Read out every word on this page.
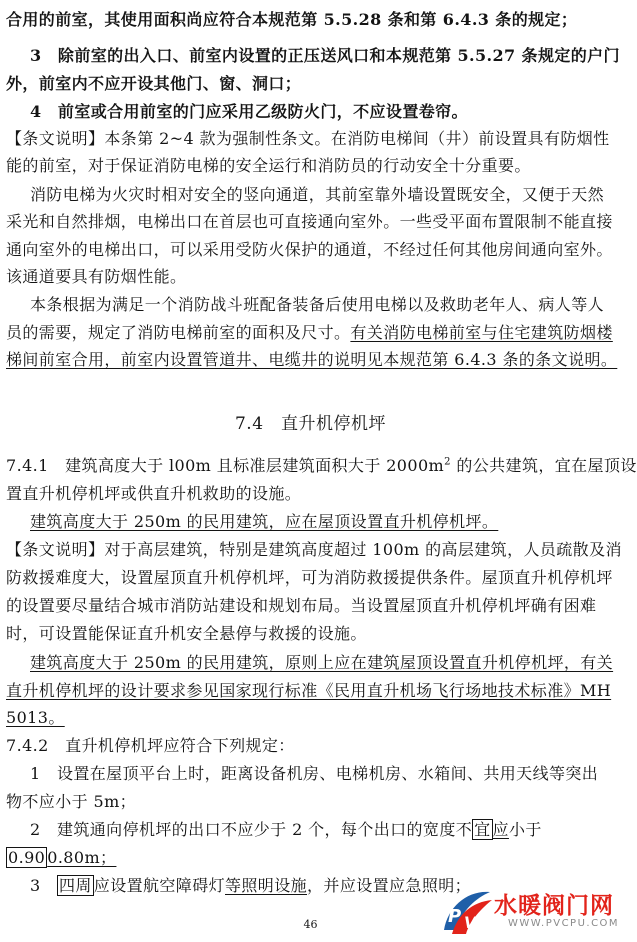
合用的前室，其使用面积尚应符合本规范第 5.5.28 条和第 6.4.3 条的规定；

3　除前室的出入口、前室内设置的正压送风口和本规范第 5.5.27 条规定的户门

外，前室内不应开设其他门、窗、洞口；

4　前室或合用前室的门应采用乙级防火门，不应设置卷帘。

【条文说明】本条第 2~4 款为强制性条文。在消防电梯间（井）前设置具有防烟性

能的前室，对于保证消防电梯的安全运行和消防员的行动安全十分重要。

消防电梯为火灾时相对安全的竖向通道，其前室靠外墙设置既安全，又便于天然

采光和自然排烟，电梯出口在首层也可直接通向室外。一些受平面布置限制不能直接

通向室外的电梯出口，可以采用受防火保护的通道，不经过任何其他房间通向室外。

该通道要具有防烟性能。

本条根据为满足一个消防战斗班配备装备后使用电梯以及救助老年人、病人等人

员的需要，规定了消防电梯前室的面积及尺寸。有关消防电梯前室与住宅建筑防烟楼

梯间前室合用，前室内设置管道井、电缆井的说明见本规范第 6.4.3 条的条文说明。

7.4　直升机停机坪

7.4.1　建筑高度大于 l00m 且标准层建筑面积大于 $2000m^2$ 的公共建筑，宜在屋顶设

置直升机停机坪或供直升机救助的设施。

建筑高度大于 250m 的民用建筑，应在屋顶设置直升机停机坪。

【条文说明】对于高层建筑，特别是建筑高度超过 100m 的高层建筑，人员疏散及消

防救援难度大，设置屋顶直升机停机坪，可为消防救援提供条件。屋顶直升机停机坪

的设置要尽量结合城市消防站建设和规划布局。当设置屋顶直升机停机坪确有困难

时，可设置能保证直升机安全悬停与救援的设施。

建筑高度大于 250m 的民用建筑，原则上应在建筑屋顶设置直升机停机坪，有关

直升机停机坪的设计要求参见国家现行标准《民用直升机场飞行场地技术标准》MH

5013。

7.4.2　直升机停机坪应符合下列规定：

1　设置在屋顶平台上时，距离设备机房、电梯机房、水箱间、共用天线等突出

物不应小于 5m；

2　建筑通向停机坪的出口不应少于 2 个，每个出口的宽度不 宜 应小于

0.90 0.80m；

3　四周 应设置航空障碍灯等照明设施，并应设置应急照明；

46	P V
水暖阀门网
WWW.PVCPU.COM
